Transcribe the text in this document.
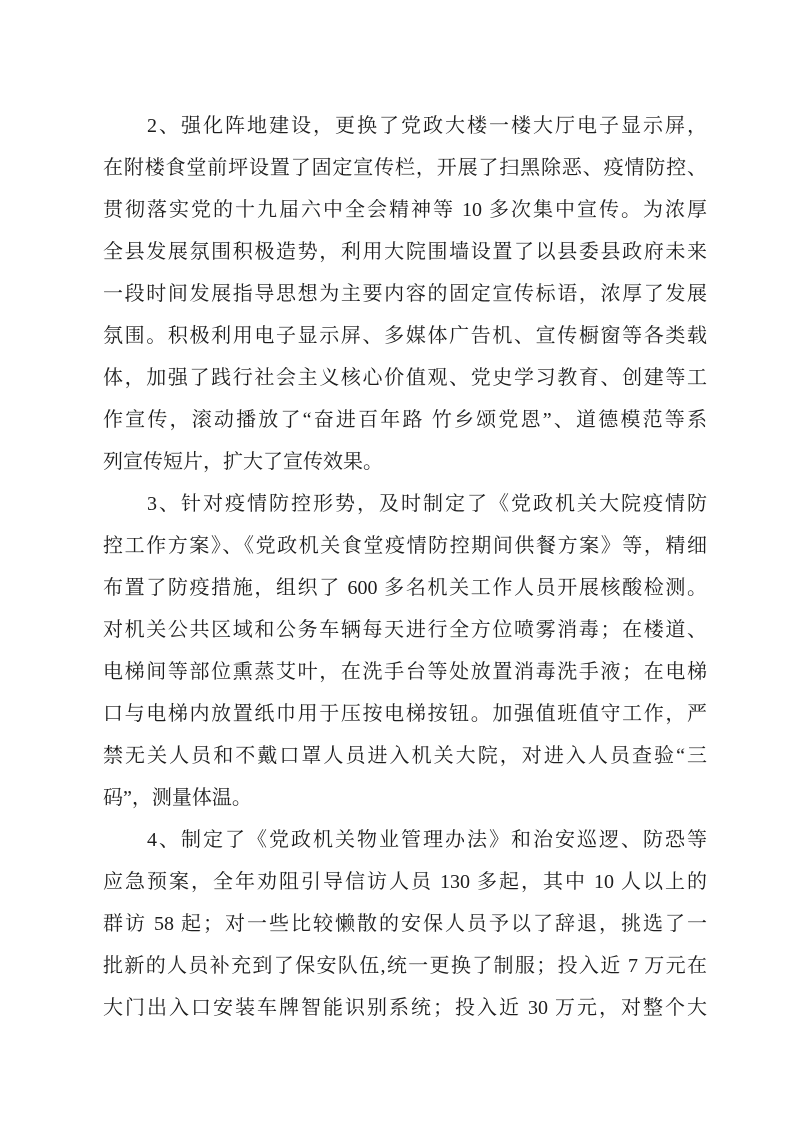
2、强化阵地建设，更换了党政大楼一楼大厅电子显示屏，
在附楼食堂前坪设置了固定宣传栏，开展了扫黑除恶、疫情防控、
贯彻落实党的十九届六中全会精神等 10 多次集中宣传。为浓厚
全县发展氛围积极造势，利用大院围墙设置了以县委县政府未来
一段时间发展指导思想为主要内容的固定宣传标语，浓厚了发展
氛围。积极利用电子显示屏、多媒体广告机、宣传橱窗等各类载
体，加强了践行社会主义核心价值观、党史学习教育、创建等工
作宣传，滚动播放了“奋进百年路 竹乡颂党恩”、道德模范等系
列宣传短片，扩大了宣传效果。
3、针对疫情防控形势，及时制定了《党政机关大院疫情防
控工作方案》、《党政机关食堂疫情防控期间供餐方案》等，精细
布置了防疫措施，组织了 600 多名机关工作人员开展核酸检测。
对机关公共区域和公务车辆每天进行全方位喷雾消毒；在楼道、
电梯间等部位熏蒸艾叶，在洗手台等处放置消毒洗手液；在电梯
口与电梯内放置纸巾用于压按电梯按钮。加强值班值守工作，严
禁无关人员和不戴口罩人员进入机关大院，对进入人员查验“三
码”，测量体温。
4、制定了《党政机关物业管理办法》和治安巡逻、防恐等
应急预案，全年劝阻引导信访人员 130 多起，其中 10 人以上的
群访 58 起；对一些比较懒散的安保人员予以了辞退，挑选了一
批新的人员补充到了保安队伍,统一更换了制服；投入近 7 万元在
大门出入口安装车牌智能识别系统；投入近 30 万元，对整个大
